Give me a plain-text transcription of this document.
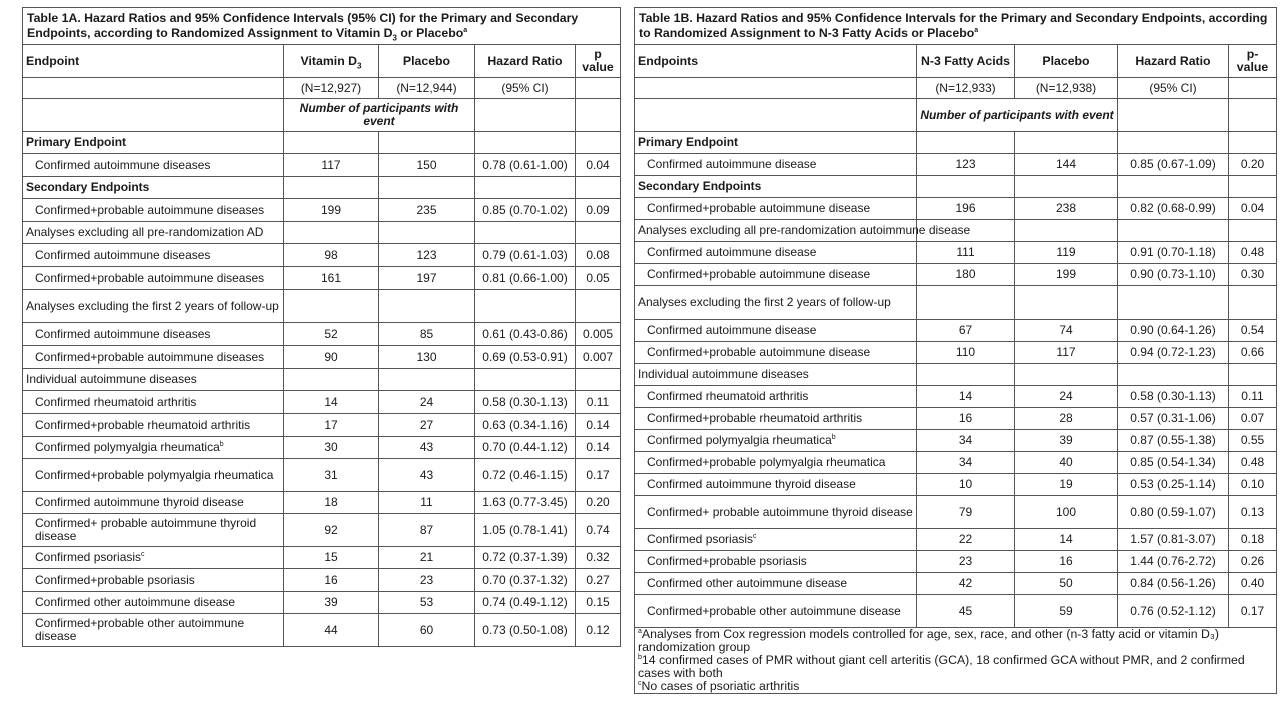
Table 1A. Hazard Ratios and 95% Confidence Intervals (95% CI) for the Primary and Secondary Endpoints, according to Randomized Assignment to Vitamin $D_3$ or Placebo$^a$
Endpoint	Vitamin $D_3$	Placebo	Hazard Ratio	p value
	(N=12,927)	(N=12,944)	(95% CI)	
	Number of participants with event			
Primary Endpoint				
Confirmed autoimmune diseases	117	150	0.78 (0.61-1.00)	0.04
Secondary Endpoints				
Confirmed+probable autoimmune diseases	199	235	0.85 (0.70-1.02)	0.09
Analyses excluding all pre-randomization AD				
Confirmed autoimmune diseases	98	123	0.79 (0.61-1.03)	0.08
Confirmed+probable autoimmune diseases	161	197	0.81 (0.66-1.00)	0.05
Analyses excluding the first 2 years of follow-up				
Confirmed autoimmune diseases	52	85	0.61 (0.43-0.86)	0.005
Confirmed+probable autoimmune diseases	90	130	0.69 (0.53-0.91)	0.007
Individual autoimmune diseases				
Confirmed rheumatoid arthritis	14	24	0.58 (0.30-1.13)	0.11
Confirmed+probable rheumatoid arthritis	17	27	0.63 (0.34-1.16)	0.14
Confirmed polymyalgia rheumatica$^b$	30	43	0.70 (0.44-1.12)	0.14
Confirmed+probable polymyalgia rheumatica	31	43	0.72 (0.46-1.15)	0.17
Confirmed autoimmune thyroid disease	18	11	1.63 (0.77-3.45)	0.20
Confirmed+ probable autoimmune thyroid disease	92	87	1.05 (0.78-1.41)	0.74
Confirmed psoriasis$^c$	15	21	0.72 (0.37-1.39)	0.32
Confirmed+probable psoriasis	16	23	0.70 (0.37-1.32)	0.27
Confirmed other autoimmune disease	39	53	0.74 (0.49-1.12)	0.15
Confirmed+probable other autoimmune disease	44	60	0.73 (0.50-1.08)	0.12
Table 1B. Hazard Ratios and 95% Confidence Intervals for the Primary and Secondary Endpoints, according to Randomized Assignment to N-3 Fatty Acids or Placebo$^a$
Endpoints	N-3 Fatty Acids	Placebo	Hazard Ratio	p-value
	(N=12,933)	(N=12,938)	(95% CI)	
	Number of participants with event			
Primary Endpoint				
Confirmed autoimmune disease	123	144	0.85 (0.67-1.09)	0.20
Secondary Endpoints				
Confirmed+probable autoimmune disease	196	238	0.82 (0.68-0.99)	0.04
Analyses excluding all pre-randomization autoimmune disease				
Confirmed autoimmune disease	111	119	0.91 (0.70-1.18)	0.48
Confirmed+probable autoimmune disease	180	199	0.90 (0.73-1.10)	0.30
Analyses excluding the first 2 years of follow-up				
Confirmed autoimmune disease	67	74	0.90 (0.64-1.26)	0.54
Confirmed+probable autoimmune disease	110	117	0.94 (0.72-1.23)	0.66
Individual autoimmune diseases				
Confirmed rheumatoid arthritis	14	24	0.58 (0.30-1.13)	0.11
Confirmed+probable rheumatoid arthritis	16	28	0.57 (0.31-1.06)	0.07
Confirmed polymyalgia rheumatica$^b$	34	39	0.87 (0.55-1.38)	0.55
Confirmed+probable polymyalgia rheumatica	34	40	0.85 (0.54-1.34)	0.48
Confirmed autoimmune thyroid disease	10	19	0.53 (0.25-1.14)	0.10
Confirmed+ probable autoimmune thyroid disease	79	100	0.80 (0.59-1.07)	0.13
Confirmed psoriasis$^c$	22	14	1.57 (0.81-3.07)	0.18
Confirmed+probable psoriasis	23	16	1.44 (0.76-2.72)	0.26
Confirmed other autoimmune disease	42	50	0.84 (0.56-1.26)	0.40
Confirmed+probable other autoimmune disease	45	59	0.76 (0.52-1.12)	0.17

$^a$Analyses from Cox regression models controlled for age, sex, race, and other (n-3 fatty acid or vitamin D₃) randomization group
$^b$14 confirmed cases of PMR without giant cell arteritis (GCA), 18 confirmed GCA without PMR, and 2 confirmed cases with both
$^c$No cases of psoriatic arthritis				
